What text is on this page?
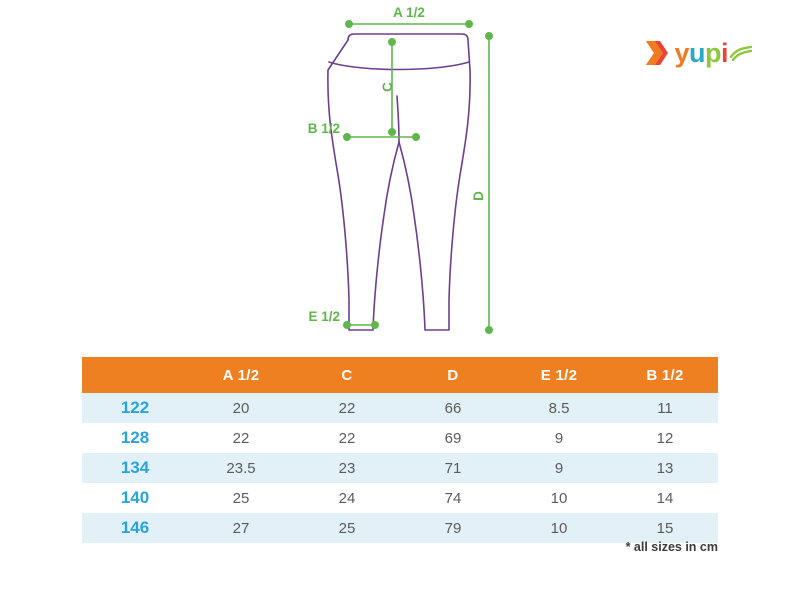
y u p i
A 1/2
B 1/2
E 1/2
C
D
	A 1/2	C	D	E 1/2	B 1/2
122	20	22	66	8.5	11
128	22	22	69	9	12
134	23.5	23	71	9	13
140	25	24	74	10	14
146	27	25	79	10	15
* all sizes in cm
